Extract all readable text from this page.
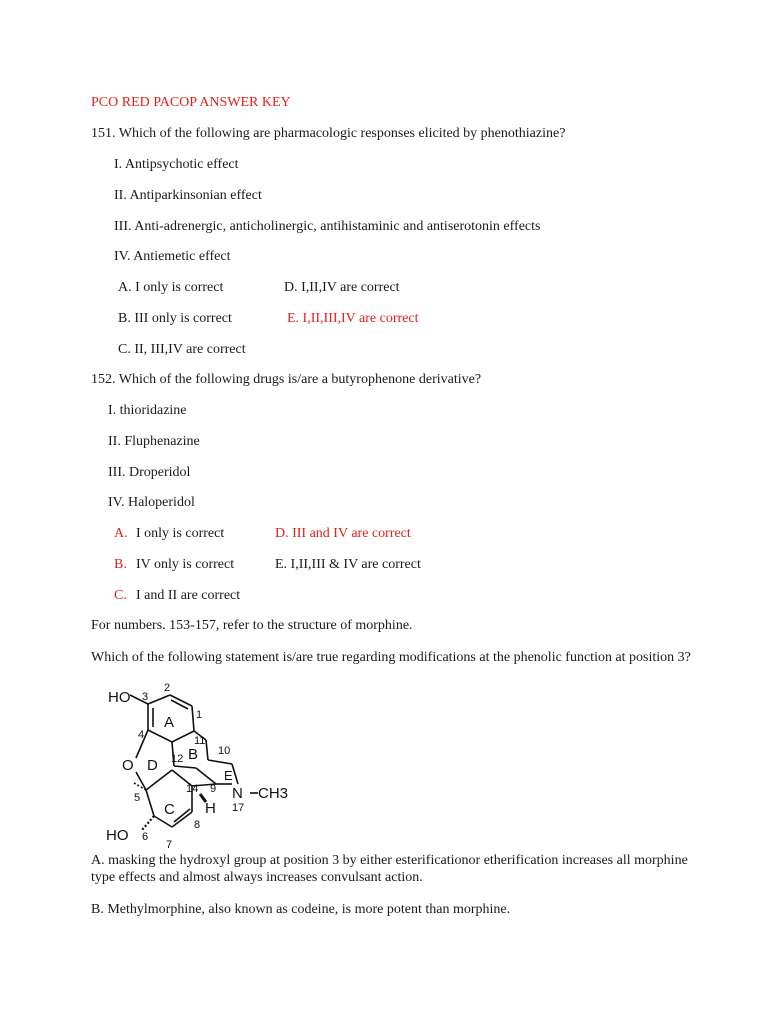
PCO RED PACOP ANSWER KEY
151. Which of the following are pharmacologic responses elicited by phenothiazine?
I. Antipsychotic effect
II. Antiparkinsonian effect
III. Anti-adrenergic, anticholinergic, antihistaminic and antiserotonin effects
IV. Antiemetic effect
A. I only is correct	D. I,II,IV are correct
B. III only is correct	E. I,II,III,IV are correct
C. II, III,IV are correct
152. Which of the following drugs is/are a butyrophenone derivative?
I. thioridazine
II. Fluphenazine
III. Droperidol
IV. Haloperidol
A. I only is correct	D. III and IV are correct
B. IV only is correct	E. I,II,III & IV are correct
C. I and II are correct
For numbers. 153-157, refer to the structure of morphine.
Which of the following statement is/are true regarding modifications at the phenolic function at position 3?
HO
O
N CH3
H
HO
A
B
C
D
E
1
2
3
4
5
6
7
8
9
10
11
12
14
17
A. masking the hydroxyl group at position 3 by either esterificationor etherification increases all morphine type effects and almost always increases convulsant action.
B. Methylmorphine, also known as codeine, is more potent than morphine.
